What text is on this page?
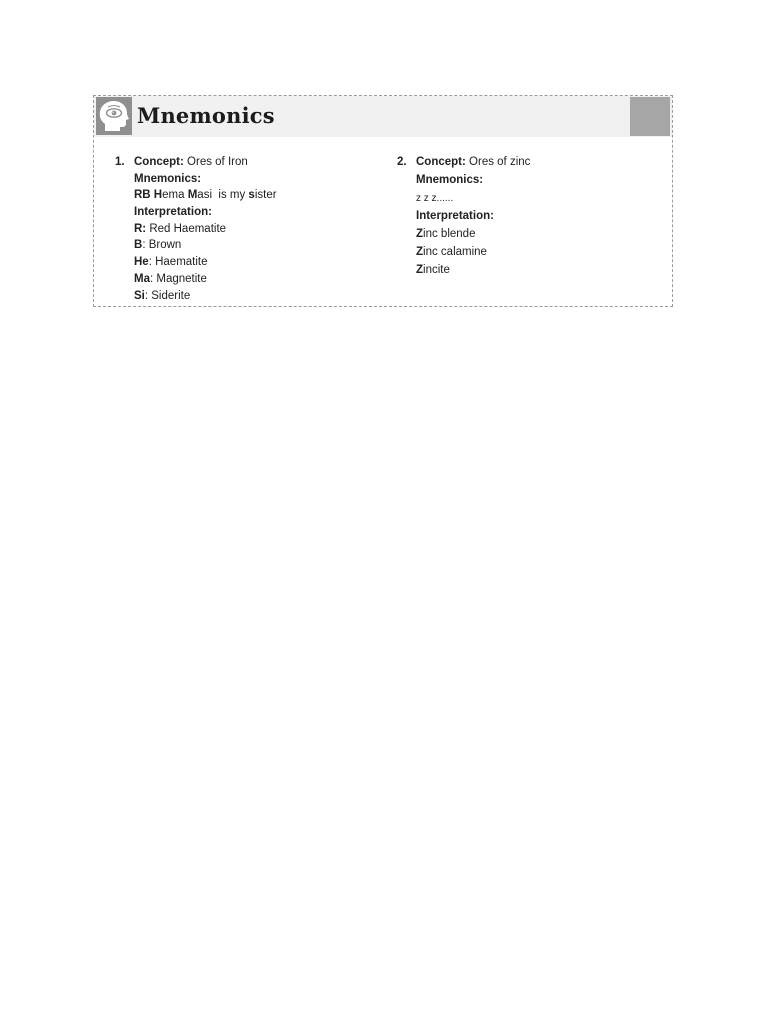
Mnemonics
1. Concept: Ores of Iron
Mnemonics:
RB Hema Masi  is my sister
Interpretation:
R: Red Haematite
B: Brown
He: Haematite
Ma: Magnetite
Si: Siderite
2. Concept: Ores of zinc
Mnemonics:
z z z......
Interpretation:
Zinc blende
Zinc calamine
Zincite
